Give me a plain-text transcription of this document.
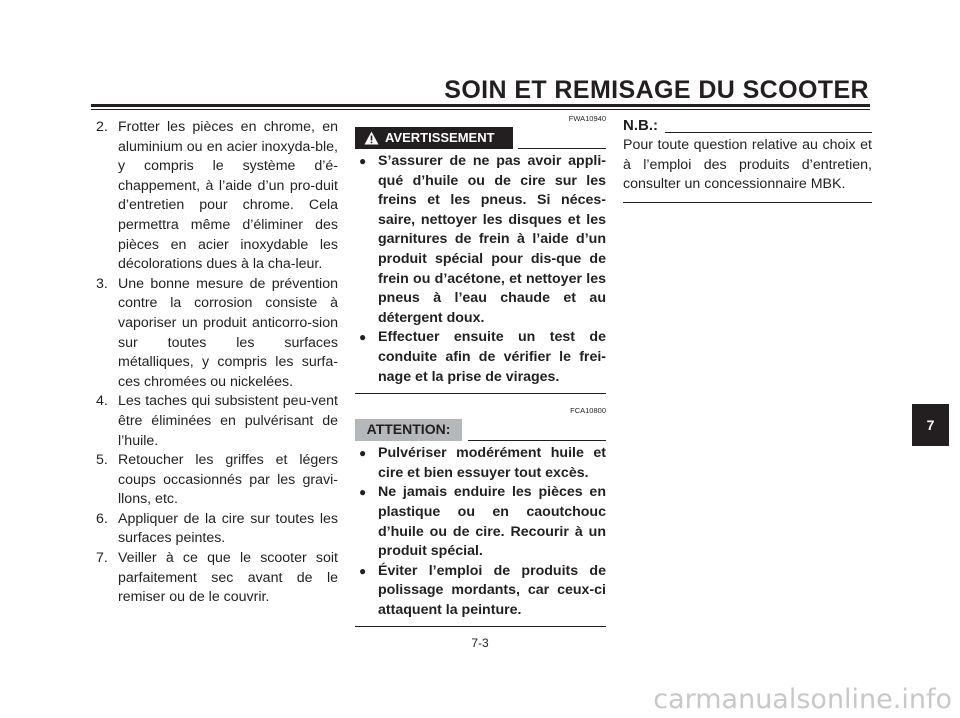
SOIN ET REMISAGE DU SCOOTER
2. Frotter les pièces en chrome, en aluminium ou en acier inoxyda-ble, y compris le système d’é-chappement, à l’aide d’un pro-duit d’entretien pour chrome. Cela permettra même d’éliminer des pièces en acier inoxydable les décolorations dues à la cha-leur.
3. Une bonne mesure de prévention contre la corrosion consiste à vaporiser un produit anticorro-sion sur toutes les surfaces métalliques, y compris les surfa-ces chromées ou nickelées.
4. Les taches qui subsistent peu-vent être éliminées en pulvérisant de l’huile.
5. Retoucher les griffes et légers coups occasionnés par les gravi-llons, etc.
6. Appliquer de la cire sur toutes les surfaces peintes.
7. Veiller à ce que le scooter soit parfaitement sec avant de le remiser ou de le couvrir.
FWA10940
AVERTISSEMENT
● S’assurer de ne pas avoir appli-qué d’huile ou de cire sur les freins et les pneus. Si néces-saire, nettoyer les disques et les garnitures de frein à l’aide d’un produit spécial pour dis-que de frein ou d’acétone, et nettoyer les pneus à l’eau chaude et au détergent doux.
● Effectuer ensuite un test de conduite afin de vérifier le frei-nage et la prise de virages.
FCA10800
ATTENTION:
● Pulvériser modérément huile et cire et bien essuyer tout excès.
● Ne jamais enduire les pièces en plastique ou en caoutchouc d’huile ou de cire. Recourir à un produit spécial.
● Éviter l’emploi de produits de polissage mordants, car ceux-ci attaquent la peinture.
N.B.:
Pour toute question relative au choix et à l’emploi des produits d’entretien, consulter un concessionnaire MBK.
7
7-3
carmanualsonline.info
